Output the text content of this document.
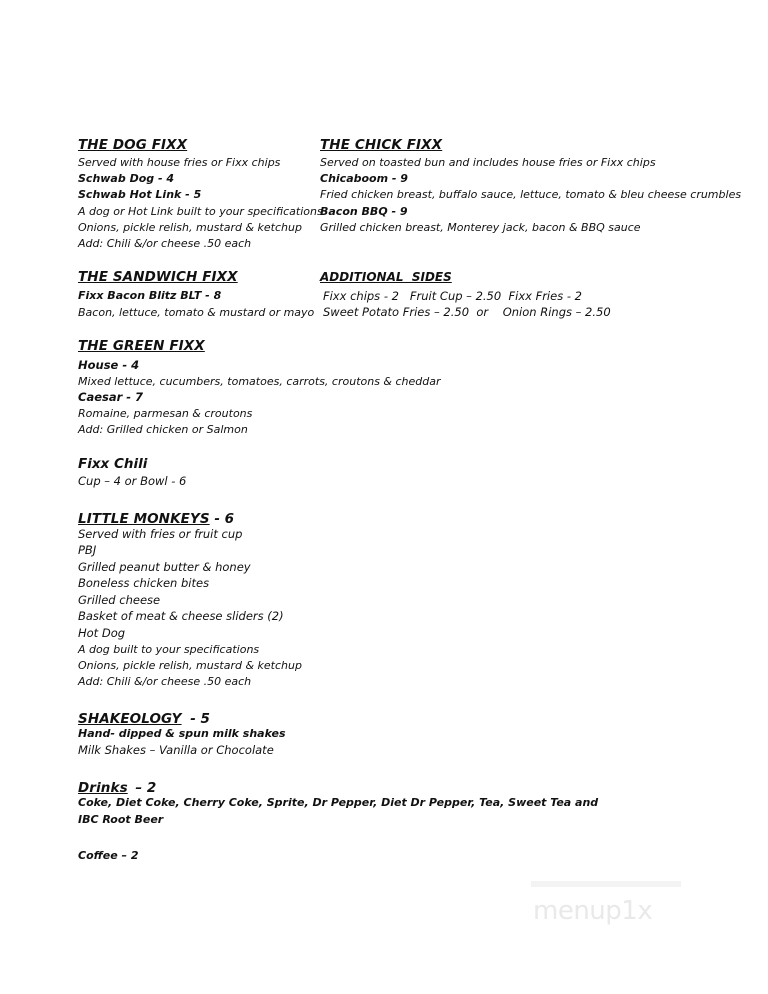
THE DOG FIXX
Served with house fries or Fixx chips
Schwab Dog - 4
Schwab Hot Link - 5
A dog or Hot Link built to your specifications
Onions, pickle relish, mustard & ketchup
Add: Chili &/or cheese .50 each
THE CHICK FIXX
Served on toasted bun and includes house fries or Fixx chips
Chicaboom - 9
Fried chicken breast, buffalo sauce, lettuce, tomato & bleu cheese crumbles
Bacon BBQ - 9
Grilled chicken breast, Monterey jack, bacon & BBQ sauce
THE SANDWICH FIXX
Fixx Bacon Blitz BLT - 8
Bacon, lettuce, tomato & mustard or mayo
ADDITIONAL  SIDES
Fixx chips - 2   Fruit Cup – 2.50  Fixx Fries - 2
Sweet Potato Fries – 2.50  or    Onion Rings – 2.50
THE GREEN FIXX
House - 4
Mixed lettuce, cucumbers, tomatoes, carrots, croutons & cheddar
Caesar - 7
Romaine, parmesan & croutons
Add: Grilled chicken or Salmon
Fixx Chili
Cup – 4 or Bowl - 6
LITTLE MONKEYS - 6
Served with fries or fruit cup
PBJ
Grilled peanut butter & honey
Boneless chicken bites
Grilled cheese
Basket of meat & cheese sliders (2)
Hot Dog
A dog built to your specifications
Onions, pickle relish, mustard & ketchup
Add: Chili &/or cheese .50 each
SHAKEOLOGY - 5
Hand- dipped & spun milk shakes
Milk Shakes – Vanilla or Chocolate
Drinks – 2
Coke, Diet Coke, Cherry Coke, Sprite, Dr Pepper, Diet Dr Pepper, Tea, Sweet Tea and
IBC Root Beer
Coffee – 2
menup1x
